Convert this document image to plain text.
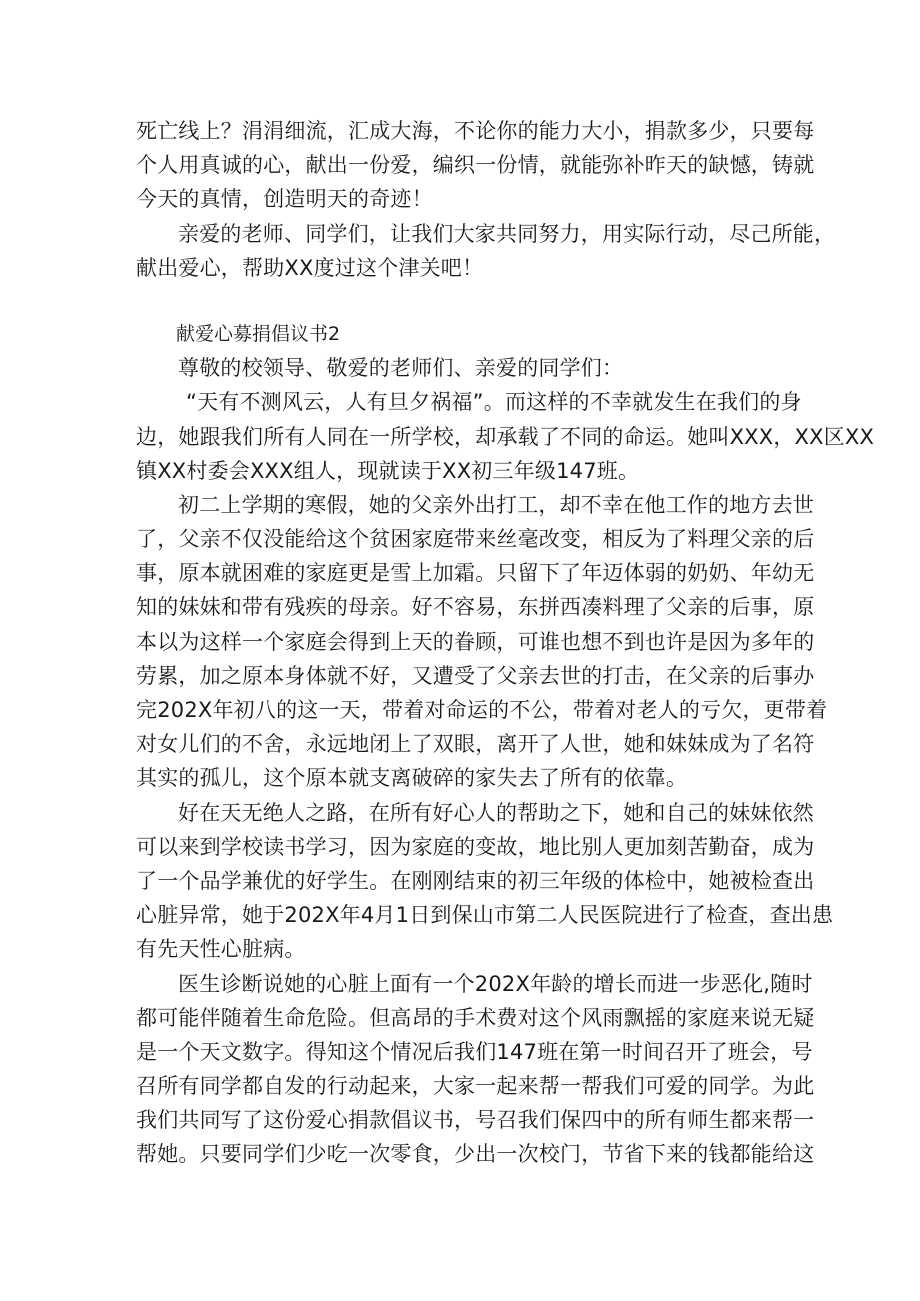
死亡线上？涓涓细流，汇成大海，不论你的能力大小，捐款多少，只要每
个人用真诚的心，献出一份爱，编织一份情，就能弥补昨天的缺憾，铸就
今天的真情，创造明天的奇迹！
亲爱的老师、同学们，让我们大家共同努力，用实际行动，尽己所能，
献出爱心，帮助XX度过这个津关吧！
献爱心募捐倡议书2
尊敬的校领导、敬爱的老师们、亲爱的同学们：
“天有不测风云，人有旦夕祸福”。而这样的不幸就发生在我们的身
边，她跟我们所有人同在一所学校，却承载了不同的命运。她叫XXX，XX区XX
镇XX村委会XXX组人，现就读于XX初三年级147班。
初二上学期的寒假，她的父亲外出打工，却不幸在他工作的地方去世
了，父亲不仅没能给这个贫困家庭带来丝毫改变，相反为了料理父亲的后
事，原本就困难的家庭更是雪上加霜。只留下了年迈体弱的奶奶、年幼无
知的妹妹和带有残疾的母亲。好不容易，东拼西凑料理了父亲的后事，原
本以为这样一个家庭会得到上天的眷顾，可谁也想不到也许是因为多年的
劳累，加之原本身体就不好，又遭受了父亲去世的打击，在父亲的后事办
完202X年初八的这一天，带着对命运的不公，带着对老人的亏欠，更带着
对女儿们的不舍，永远地闭上了双眼，离开了人世，她和妹妹成为了名符
其实的孤儿，这个原本就支离破碎的家失去了所有的依靠。
好在天无绝人之路，在所有好心人的帮助之下，她和自己的妹妹依然
可以来到学校读书学习，因为家庭的变故，地比别人更加刻苦勤奋，成为
了一个品学兼优的好学生。在刚刚结束的初三年级的体检中，她被检查出
心脏异常，她于202X年4月1日到保山市第二人民医院进行了检查，查出患
有先天性心脏病。
医生诊断说她的心脏上面有一个202X年龄的增长而进一步恶化,随时
都可能伴随着生命危险。但高昂的手术费对这个风雨飘摇的家庭来说无疑
是一个天文数字。得知这个情况后我们147班在第一时间召开了班会，号
召所有同学都自发的行动起来，大家一起来帮一帮我们可爱的同学。为此
我们共同写了这份爱心捐款倡议书，号召我们保四中的所有师生都来帮一
帮她。只要同学们少吃一次零食，少出一次校门，节省下来的钱都能给这
